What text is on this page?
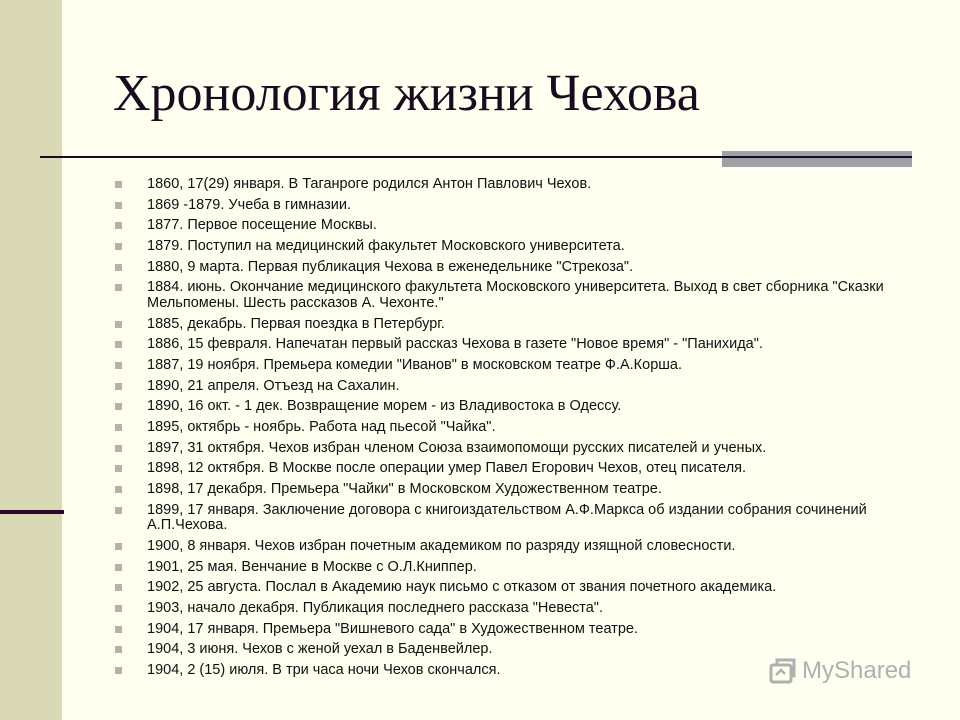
Хронология жизни Чехова
1860, 17(29) января. В Таганроге родился Антон Павлович Чехов.
1869 -1879. Учеба в гимназии.
1877. Первое посещение Москвы.
1879. Поступил на медицинский факультет Московского университета.
1880, 9 марта. Первая публикация Чехова в еженедельнике "Стрекоза".
1884. июнь. Окончание медицинского факультета Московского университета. Выход в свет сборника "Сказки Мельпомены. Шесть рассказов А. Чехонте."
1885, декабрь. Первая поездка в Петербург.
1886, 15 февраля. Напечатан первый рассказ Чехова в газете "Новое время" - "Панихида".
1887, 19 ноября. Премьера комедии "Иванов" в московском театре Ф.А.Корша.
1890, 21 апреля. Отъезд на Сахалин.
1890, 16 окт. - 1 дек. Возвращение морем - из Владивостока в Одессу.
1895, октябрь - ноябрь. Работа над пьесой "Чайка".
1897, 31 октября. Чехов избран членом Союза взаимопомощи русских писателей и ученых.
1898, 12 октября. В Москве после операции умер Павел Егорович Чехов, отец писателя.
1898, 17 декабря. Премьера "Чайки" в Московском Художественном театре.
1899, 17 января. Заключение договора с книгоиздательством А.Ф.Маркса об издании собрания сочинений А.П.Чехова.
1900, 8 января. Чехов избран почетным академиком по разряду изящной словесности.
1901, 25 мая. Венчание в Москве с О.Л.Книппер.
1902, 25 августа. Послал в Академию наук письмо с отказом от звания почетного академика.
1903, начало декабря. Публикация последнего рассказа "Невеста".
1904, 17 января. Премьера "Вишневого сада" в Художественном театре.
1904, 3 июня. Чехов с женой уехал в Баденвейлер.
1904, 2 (15) июля. В три часа ночи Чехов скончался.	MyShared
